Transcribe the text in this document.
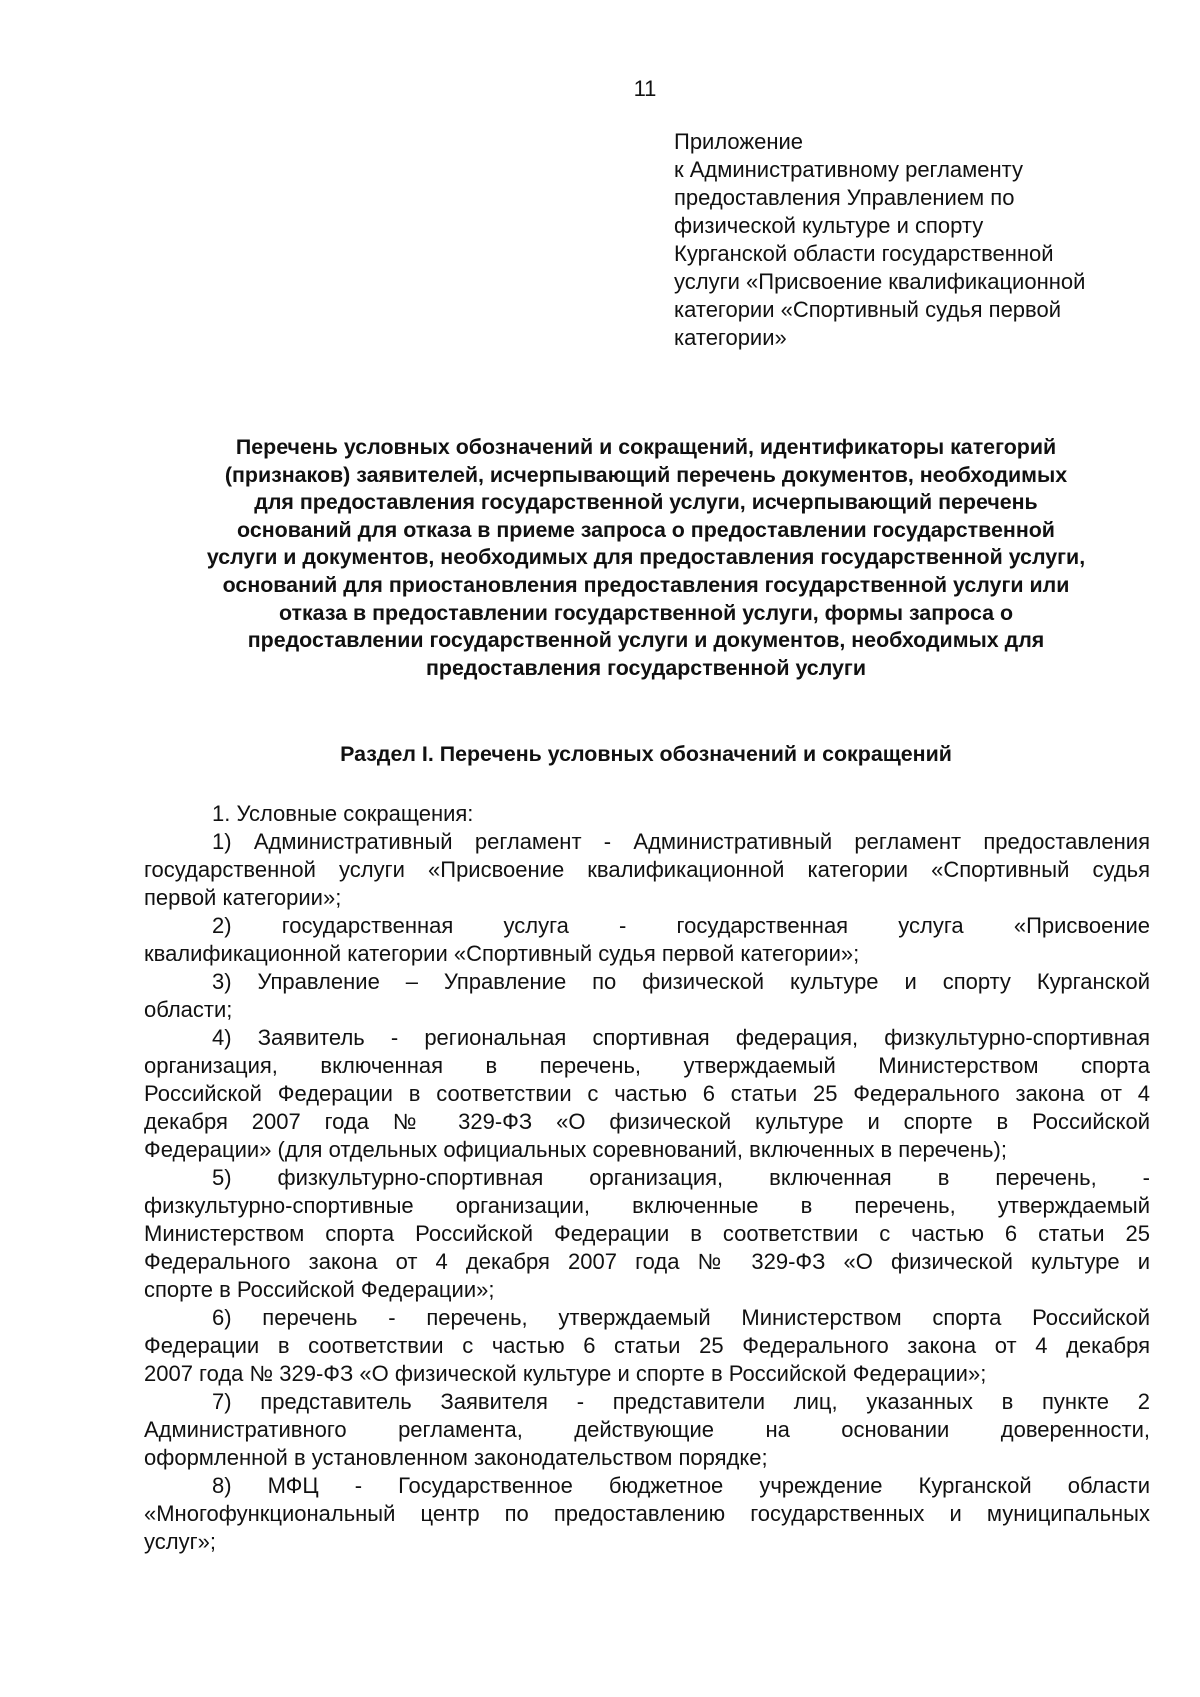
11
Приложение
к Административному регламенту
предоставления Управлением по
физической культуре и спорту
Курганской области государственной
услуги «Присвоение квалификационной
категории «Спортивный судья первой
категории»
Перечень условных обозначений и сокращений, идентификаторы категорий
(признаков) заявителей, исчерпывающий перечень документов, необходимых
для предоставления государственной услуги, исчерпывающий перечень
оснований для отказа в приеме запроса о предоставлении государственной
услуги и документов, необходимых для предоставления государственной услуги,
оснований для приостановления предоставления государственной услуги или
отказа в предоставлении государственной услуги, формы запроса о
предоставлении государственной услуги и документов, необходимых для
предоставления государственной услуги
Раздел I. Перечень условных обозначений и сокращений
1. Условные сокращения:
1) Административный регламент - Административный регламент предоставления
государственной услуги «Присвоение квалификационной категории «Спортивный судья
первой категории»;
2) государственная услуга - государственная услуга «Присвоение
квалификационной категории «Спортивный судья первой категории»;
3) Управление – Управление по физической культуре и спорту Курганской
области;
4) Заявитель - региональная спортивная федерация, физкультурно-спортивная
организация, включенная в перечень, утверждаемый Министерством спорта
Российской Федерации в соответствии с частью 6 статьи 25 Федерального закона от 4
декабря 2007 года № 329-ФЗ «О физической культуре и спорте в Российской
Федерации» (для отдельных официальных соревнований, включенных в перечень);
5) физкультурно-спортивная организация, включенная в перечень, -
физкультурно-спортивные организации, включенные в перечень, утверждаемый
Министерством спорта Российской Федерации в соответствии с частью 6 статьи 25
Федерального закона от 4 декабря 2007 года № 329-ФЗ «О физической культуре и
спорте в Российской Федерации»;
6) перечень - перечень, утверждаемый Министерством спорта Российской
Федерации в соответствии с частью 6 статьи 25 Федерального закона от 4 декабря
2007 года № 329-ФЗ «О физической культуре и спорте в Российской Федерации»;
7) представитель Заявителя - представители лиц, указанных в пункте 2
Административного регламента, действующие на основании доверенности,
оформленной в установленном законодательством порядке;
8) МФЦ - Государственное бюджетное учреждение Курганской области
«Многофункциональный центр по предоставлению государственных и муниципальных
услуг»;
